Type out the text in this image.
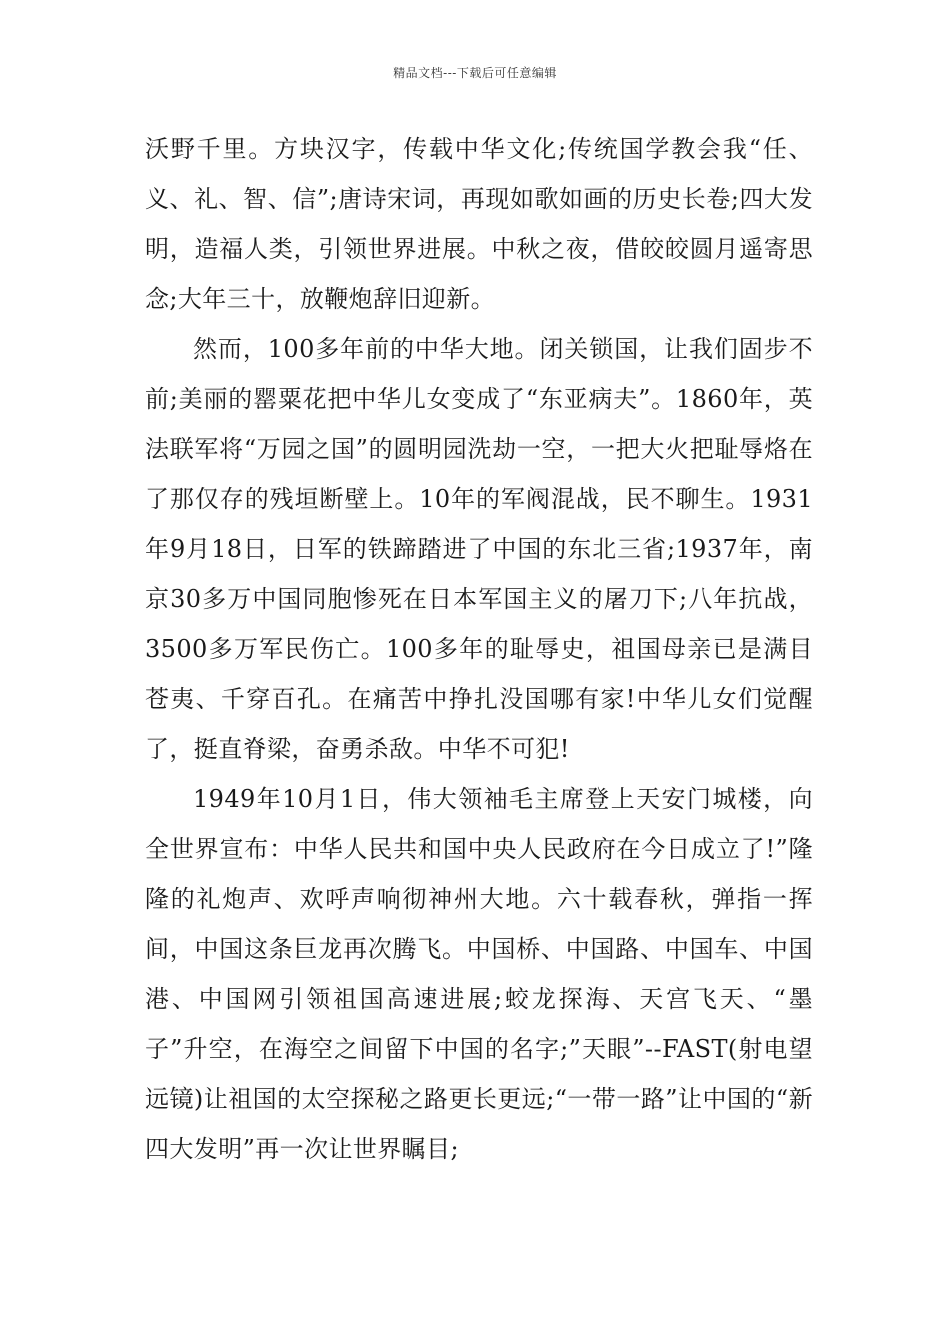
精品文档---下载后可任意编辑

沃野千里。方块汉字，传载中华文化;传统国学教会我“任、义、礼、智、信”;唐诗宋词，再现如歌如画的历史长卷;四大发明，造福人类，引领世界进展。中秋之夜，借皎皎圆月遥寄思念;大年三十，放鞭炮辞旧迎新。

然而，100多年前的中华大地。闭关锁国，让我们固步不前;美丽的罂粟花把中华儿女变成了“东亚病夫”。1860年，英法联军将“万园之国”的圆明园洗劫一空，一把大火把耻辱烙在了那仅存的残垣断壁上。10年的军阀混战，民不聊生。1931年9月18日，日军的铁蹄踏进了中国的东北三省;1937年，南京30多万中国同胞惨死在日本军国主义的屠刀下;八年抗战，3500多万军民伤亡。100多年的耻辱史，祖国母亲已是满目苍夷、千穿百孔。在痛苦中挣扎没国哪有家!中华儿女们觉醒了，挺直脊梁，奋勇杀敌。中华不可犯!

1949年10月1日，伟大领袖毛主席登上天安门城楼，向全世界宣布：中华人民共和国中央人民政府在今日成立了!”隆隆的礼炮声、欢呼声响彻神州大地。六十载春秋，弹指一挥间，中国这条巨龙再次腾飞。中国桥、中国路、中国车、中国港、中国网引领祖国高速进展;蛟龙探海、天宫飞天、“墨子”升空，在海空之间留下中国的名字;”天眼”--FAST(射电望远镜)让祖国的太空探秘之路更长更远;“一带一路”让中国的“新四大发明”再一次让世界瞩目;
